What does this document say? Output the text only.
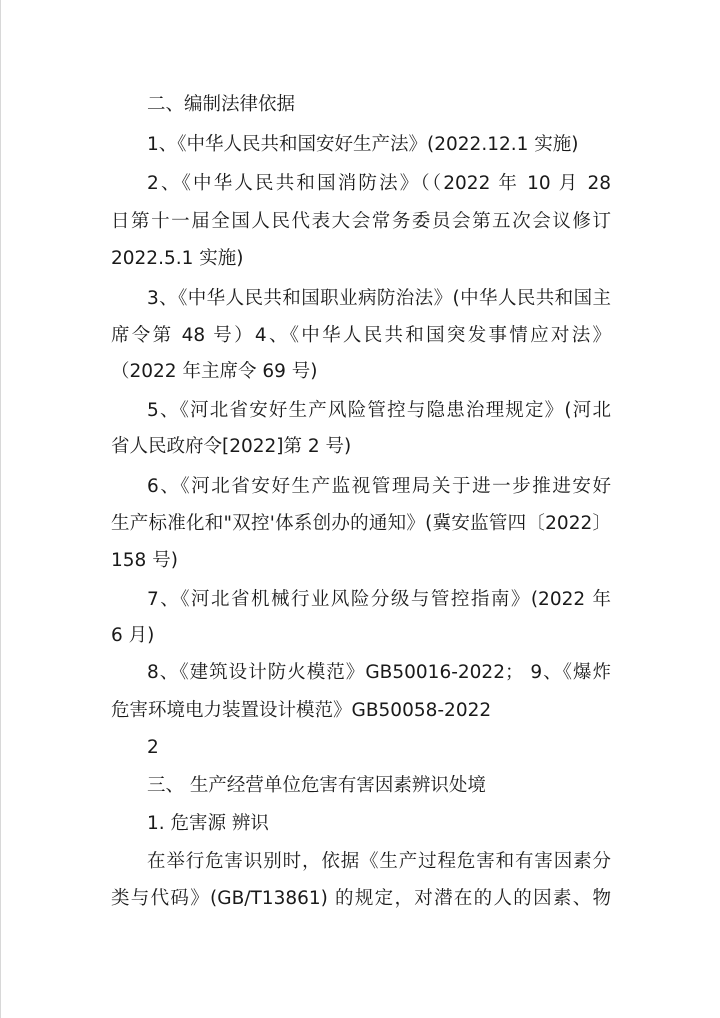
二、编制法律依据
1、《中华人民共和国安好生产法》(2022.12.1 实施)
2、《中华人民共和国消防法》（（2022 年 10 月 28
日第十一届全国人民代表大会常务委员会第五次会议修订
2022.5.1 实施)
3、《中华人民共和国职业病防治法》(中华人民共和国主
席令第 48 号）4、《中华人民共和国突发事情应对法》
（2022 年主席令 69 号)
5、《河北省安好生产风险管控与隐患治理规定》(河北
省人民政府令[2022]第 2 号)
6、《河北省安好生产监视管理局关于进一步推进安好
生产标准化和"双控'体系创办的通知》(冀安监管四〔2022〕
158 号)
7、《河北省机械行业风险分级与管控指南》(2022 年
6 月)
8、《建筑设计防火模范》GB50016-2022； 9、《爆炸
危害环境电力装置设计模范》GB50058-2022
2
三、 生产经营单位危害有害因素辨识处境
1. 危害源 辨识
在举行危害识别时，依据《生产过程危害和有害因素分
类与代码》(GB/T13861) 的规定，对潜在的人的因素、物
